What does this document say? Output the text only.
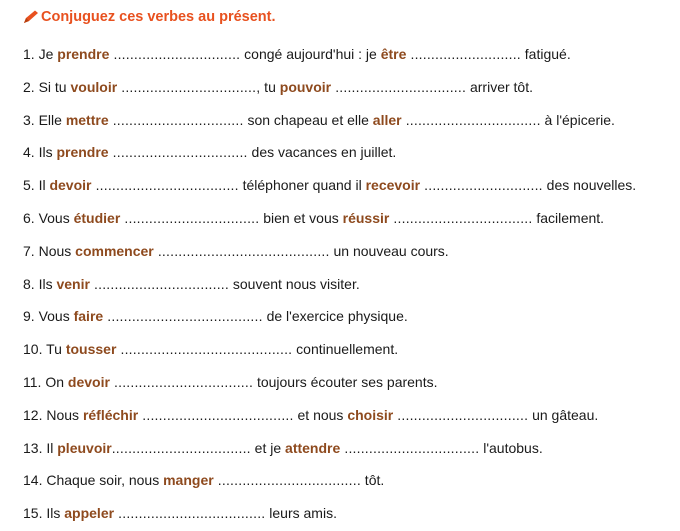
Conjuguez ces verbes au présent.
1. Je prendre ............................... congé aujourd'hui : je être ........................... fatigué.
2. Si tu vouloir ................................., tu pouvoir ................................ arriver tôt.
3. Elle mettre ................................ son chapeau et elle aller ................................. à l'épicerie.
4. Ils prendre ................................. des vacances en juillet.
5. Il devoir ................................... téléphoner quand il recevoir ............................. des nouvelles.
6. Vous étudier ................................. bien et vous réussir .................................. facilement.
7. Nous commencer .......................................... un nouveau cours.
8. Ils venir ................................. souvent nous visiter.
9. Vous faire ...................................... de l'exercice physique.
10. Tu tousser .......................................... continuellement.
11. On devoir .................................. toujours écouter ses parents.
12. Nous réfléchir ..................................... et nous choisir ................................ un gâteau.
13. Il pleuvoir.................................. et je attendre ................................. l'autobus.
14. Chaque soir, nous manger ................................... tôt.
15. Ils appeler .................................... leurs amis.
